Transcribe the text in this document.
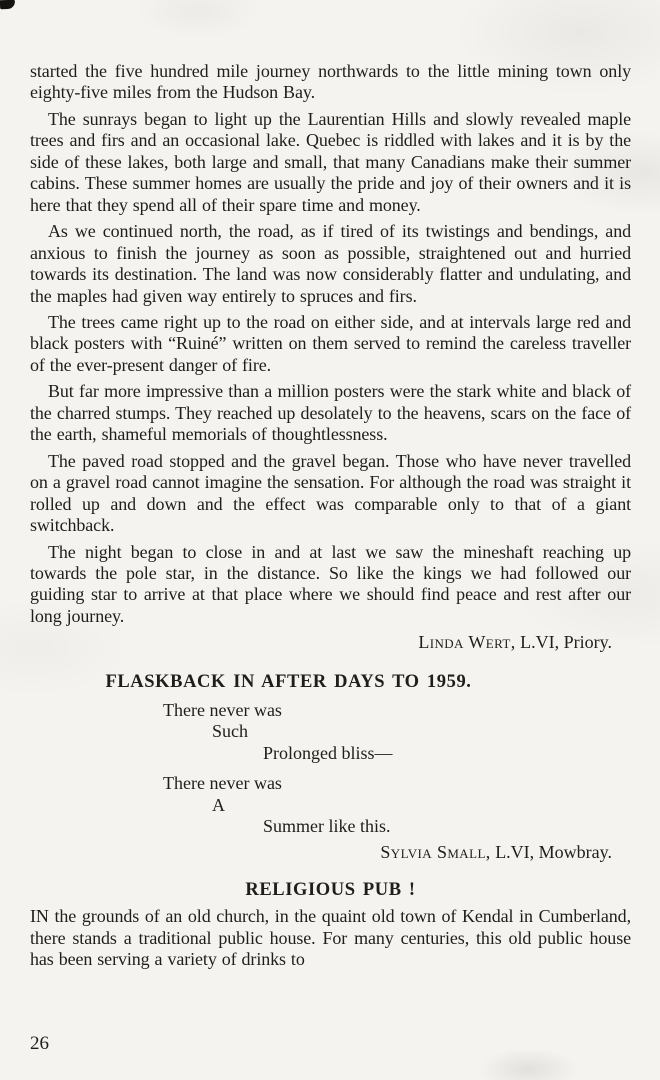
started the five hundred mile journey northwards to the little mining town only eighty-five miles from the Hudson Bay.

The sunrays began to light up the Laurentian Hills and slowly revealed maple trees and firs and an occasional lake. Quebec is riddled with lakes and it is by the side of these lakes, both large and small, that many Canadians make their summer cabins. These summer homes are usually the pride and joy of their owners and it is here that they spend all of their spare time and money.

As we continued north, the road, as if tired of its twistings and bendings, and anxious to finish the journey as soon as possible, straightened out and hurried towards its destination. The land was now considerably flatter and undulating, and the maples had given way entirely to spruces and firs.

The trees came right up to the road on either side, and at intervals large red and black posters with “Ruiné” written on them served to remind the careless traveller of the ever-present danger of fire.

But far more impressive than a million posters were the stark white and black of the charred stumps. They reached up desolately to the heavens, scars on the face of the earth, shameful memorials of thoughtlessness.

The paved road stopped and the gravel began. Those who have never travelled on a gravel road cannot imagine the sensation. For although the road was straight it rolled up and down and the effect was comparable only to that of a giant switchback.

The night began to close in and at last we saw the mineshaft reaching up towards the pole star, in the distance. So like the kings we had followed our guiding star to arrive at that place where we should find peace and rest after our long journey.

Linda Wert, L.VI, Priory.

FLASKBACK IN AFTER DAYS TO 1959.
There never was
Such
Prolonged bliss—
There never was
A
Summer like this.

Sylvia Small, L.VI, Mowbray.

RELIGIOUS PUB !

IN the grounds of an old church, in the quaint old town of Kendal in Cumberland, there stands a traditional public house. For many centuries, this old public house has been serving a variety of drinks to

26
